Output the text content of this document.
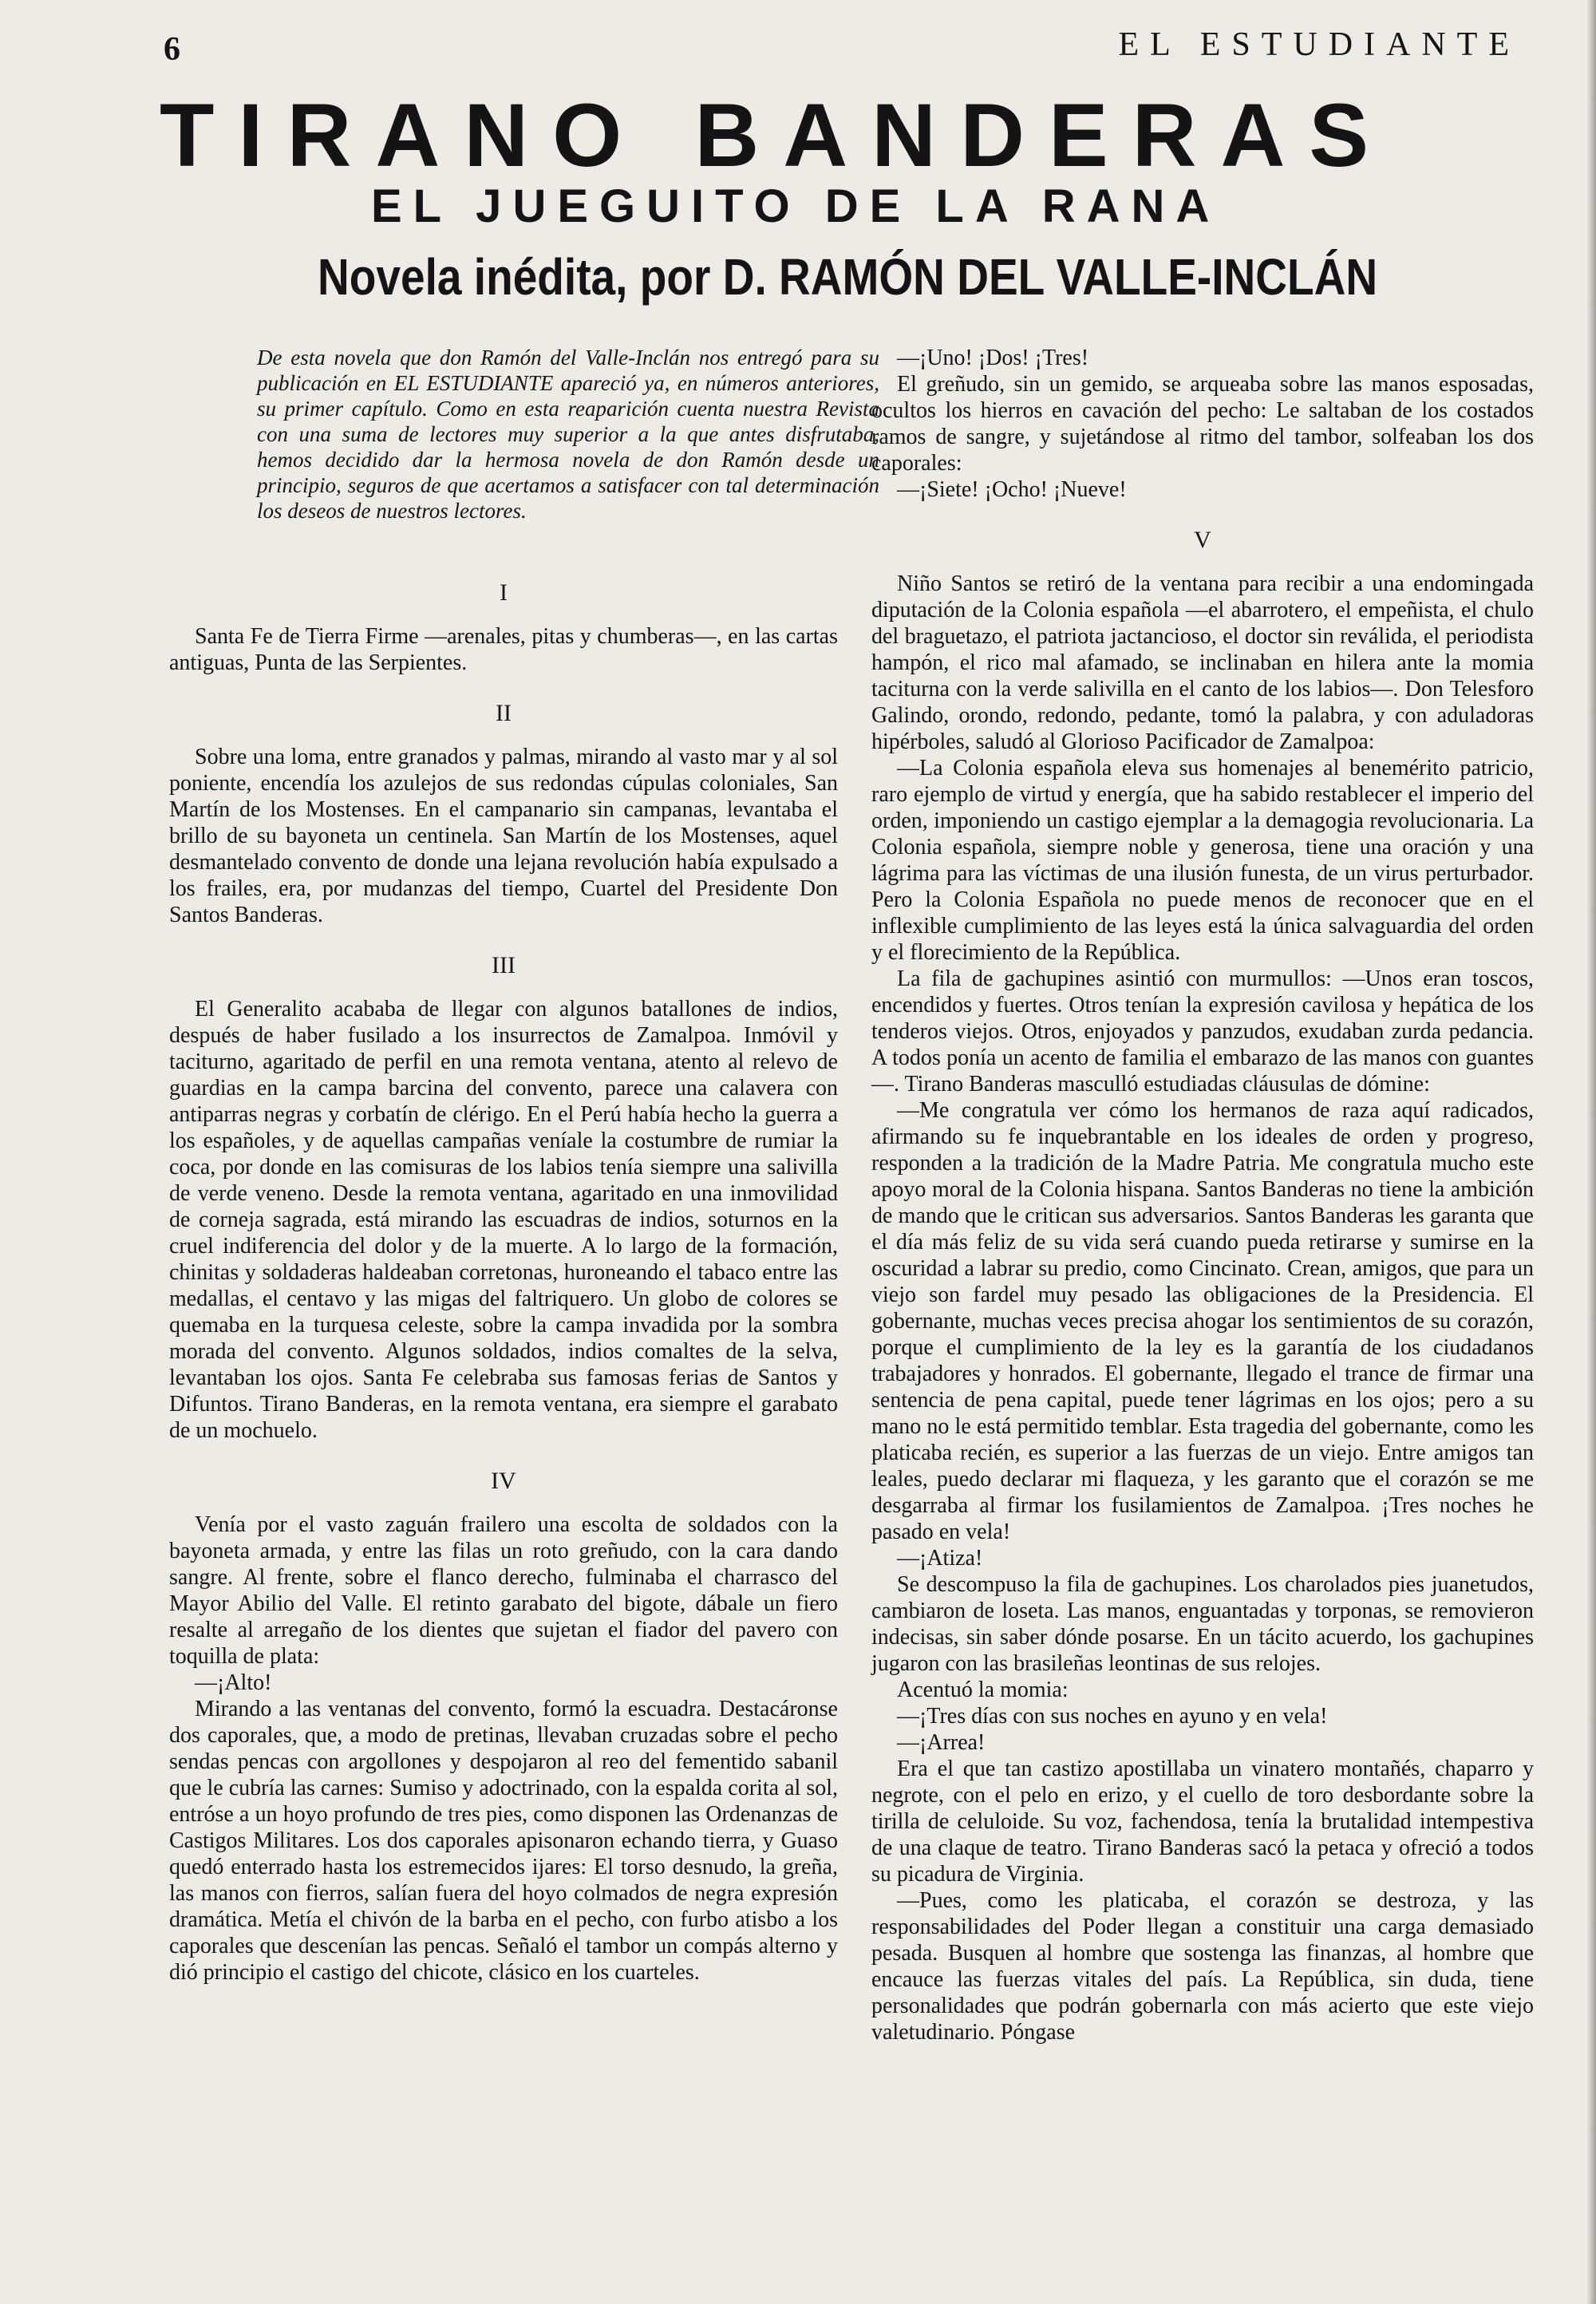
6	EL ESTUDIANTE
TIRANO BANDERAS
EL JUEGUITO DE LA RANA
Novela inédita, por D. RAMÓN DEL VALLE-INCLÁN

De esta novela que don Ramón del Valle-Inclán nos entregó para su publicación en EL ESTUDIANTE apareció ya, en números anteriores, su primer capítulo. Como en esta reaparición cuenta nuestra Revista con una suma de lectores muy superior a la que antes disfrutaba, hemos decidido dar la hermosa novela de don Ramón desde un principio, seguros de que acertamos a satisfacer con tal determinación los deseos de nuestros lectores.

I

Santa Fe de Tierra Firme —arenales, pitas y chumberas—, en las cartas antiguas, Punta de las Serpientes.

II

Sobre una loma, entre granados y palmas, mirando al vasto mar y al sol poniente, encendía los azulejos de sus redondas cúpulas coloniales, San Martín de los Mostenses. En el campanario sin campanas, levantaba el brillo de su bayoneta un centinela. San Martín de los Mostenses, aquel desmantelado convento de donde una lejana revolución había expulsado a los frailes, era, por mudanzas del tiempo, Cuartel del Presidente Don Santos Banderas.

III

El Generalito acababa de llegar con algunos batallones de indios, después de haber fusilado a los insurrectos de Zamalpoa. Inmóvil y taciturno, agaritado de perfil en una remota ventana, atento al relevo de guardias en la campa barcina del convento, parece una calavera con antiparras negras y corbatín de clérigo. En el Perú había hecho la guerra a los españoles, y de aquellas campañas veníale la costumbre de rumiar la coca, por donde en las comisuras de los labios tenía siempre una salivilla de verde veneno. Desde la remota ventana, agaritado en una inmovilidad de corneja sagrada, está mirando las escuadras de indios, soturnos en la cruel indiferencia del dolor y de la muerte. A lo largo de la formación, chinitas y soldaderas haldeaban corretonas, huroneando el tabaco entre las medallas, el centavo y las migas del faltriquero. Un globo de colores se quemaba en la turquesa celeste, sobre la campa invadida por la sombra morada del convento. Algunos soldados, indios comaltes de la selva, levantaban los ojos. Santa Fe celebraba sus famosas ferias de Santos y Difuntos. Tirano Banderas, en la remota ventana, era siempre el garabato de un mochuelo.

IV

Venía por el vasto zaguán frailero una escolta de soldados con la bayoneta armada, y entre las filas un roto greñudo, con la cara dando sangre. Al frente, sobre el flanco derecho, fulminaba el charrasco del Mayor Abilio del Valle. El retinto garabato del bigote, dábale un fiero resalte al arregaño de los dientes que sujetan el fiador del pavero con toquilla de plata:

—¡Alto!

Mirando a las ventanas del convento, formó la escuadra. Destacáronse dos caporales, que, a modo de pretinas, llevaban cruzadas sobre el pecho sendas pencas con argollones y despojaron al reo del fementido sabanil que le cubría las carnes: Sumiso y adoctrinado, con la espalda corita al sol, entróse a un hoyo profundo de tres pies, como disponen las Ordenanzas de Castigos Militares. Los dos caporales apisonaron echando tierra, y Guaso quedó enterrado hasta los estremecidos ijares: El torso desnudo, la greña, las manos con fierros, salían fuera del hoyo colmados de negra expresión dramática. Metía el chivón de la barba en el pecho, con furbo atisbo a los caporales que descenían las pencas. Señaló el tambor un compás alterno y dió principio el castigo del chicote, clásico en los cuarteles.

—¡Uno! ¡Dos! ¡Tres!

El greñudo, sin un gemido, se arqueaba sobre las manos esposadas, ocultos los hierros en cavación del pecho: Le saltaban de los costados ramos de sangre, y sujetándose al ritmo del tambor, solfeaban los dos caporales:

—¡Siete! ¡Ocho! ¡Nueve!

V

Niño Santos se retiró de la ventana para recibir a una endomingada diputación de la Colonia española —el abarrotero, el empeñista, el chulo del braguetazo, el patriota jactancioso, el doctor sin reválida, el periodista hampón, el rico mal afamado, se inclinaban en hilera ante la momia taciturna con la verde salivilla en el canto de los labios—. Don Telesforo Galindo, orondo, redondo, pedante, tomó la palabra, y con aduladoras hipérboles, saludó al Glorioso Pacificador de Zamalpoa:

—La Colonia española eleva sus homenajes al benemérito patricio, raro ejemplo de virtud y energía, que ha sabido restablecer el imperio del orden, imponiendo un castigo ejemplar a la demagogia revolucionaria. La Colonia española, siempre noble y generosa, tiene una oración y una lágrima para las víctimas de una ilusión funesta, de un virus perturbador. Pero la Colonia Española no puede menos de reconocer que en el inflexible cumplimiento de las leyes está la única salvaguardia del orden y el florecimiento de la República.

La fila de gachupines asintió con murmullos: —Unos eran toscos, encendidos y fuertes. Otros tenían la expresión cavilosa y hepática de los tenderos viejos. Otros, enjoyados y panzudos, exudaban zurda pedancia. A todos ponía un acento de familia el embarazo de las manos con guantes—. Tirano Banderas masculló estudiadas cláusulas de dómine:

—Me congratula ver cómo los hermanos de raza aquí radicados, afirmando su fe inquebrantable en los ideales de orden y progreso, responden a la tradición de la Madre Patria. Me congratula mucho este apoyo moral de la Colonia hispana. Santos Banderas no tiene la ambición de mando que le critican sus adversarios. Santos Banderas les garanta que el día más feliz de su vida será cuando pueda retirarse y sumirse en la oscuridad a labrar su predio, como Cincinato. Crean, amigos, que para un viejo son fardel muy pesado las obligaciones de la Presidencia. El gobernante, muchas veces precisa ahogar los sentimientos de su corazón, porque el cumplimiento de la ley es la garantía de los ciudadanos trabajadores y honrados. El gobernante, llegado el trance de firmar una sentencia de pena capital, puede tener lágrimas en los ojos; pero a su mano no le está permitido temblar. Esta tragedia del gobernante, como les platicaba recién, es superior a las fuerzas de un viejo. Entre amigos tan leales, puedo declarar mi flaqueza, y les garanto que el corazón se me desgarraba al firmar los fusilamientos de Zamalpoa. ¡Tres noches he pasado en vela!

—¡Atiza!

Se descompuso la fila de gachupines. Los charolados pies juanetudos, cambiaron de loseta. Las manos, enguantadas y torponas, se removieron indecisas, sin saber dónde posarse. En un tácito acuerdo, los gachupines jugaron con las brasileñas leontinas de sus relojes.

Acentuó la momia:

—¡Tres días con sus noches en ayuno y en vela!

—¡Arrea!

Era el que tan castizo apostillaba un vinatero montañés, chaparro y negrote, con el pelo en erizo, y el cuello de toro desbordante sobre la tirilla de celuloide. Su voz, fachendosa, tenía la brutalidad intempestiva de una claque de teatro. Tirano Banderas sacó la petaca y ofreció a todos su picadura de Virginia.

—Pues, como les platicaba, el corazón se destroza, y las responsabilidades del Poder llegan a constituir una carga demasiado pesada. Busquen al hombre que sostenga las finanzas, al hombre que encauce las fuerzas vitales del país. La República, sin duda, tiene personalidades que podrán gobernarla con más acierto que este viejo valetudinario. Póngase
